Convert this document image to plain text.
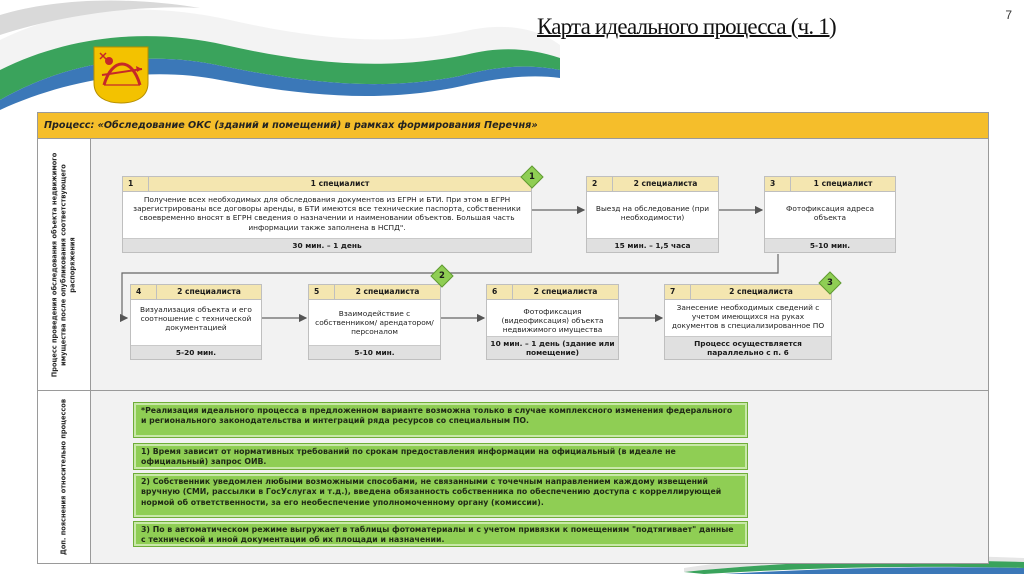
Карта идеального процесса (ч. 1)	7
Процесс: «Обследование ОКС (зданий и помещений) в рамках формирования Перечня»
Процесс проведения обследования объекта недвижимого имущества после опубликования соответствующего распоряжения
Доп. пояснения относительно процессов
1	1 специалист
Получение всех необходимых для обследования документов из ЕГРН и БТИ. При этом в ЕГРН зарегистрированы все договоры аренды, в БТИ имеются все технические паспорта, собственники своевременно вносят в ЕГРН сведения о назначении и наименовании объектов. Большая часть информации также заполнена в НСПД".
30 мин. – 1 день
2	2 специалиста
Выезд на обследование (при необходимости)
15 мин. – 1,5 часа
3	1 специалист
Фотофиксация адреса объекта
5-10 мин.
4	2 специалиста
Визуализация объекта и его соотношение с технической документацией
5-20 мин.
5	2 специалиста
Взаимодействие с собственником/ арендатором/персоналом
5-10 мин.
6	2 специалиста
Фотофиксация (видеофиксация) объекта недвижимого имущества
10 мин. – 1 день (здание или помещение)
7	2 специалиста
Занесение необходимых сведений с учетом имеющихся на руках документов в специализированное ПО
Процесс осуществляется параллельно с п. 6
1
2
3
*Реализация идеального процесса в предложенном варианте возможна только в случае комплексного изменения федерального и регионального законодательства и интеграций ряда ресурсов со специальным ПО.
1) Время зависит от нормативных требований по срокам предоставления информации на официальный (в идеале не официальный) запрос ОИВ.
2) Собственник уведомлен любыми возможными способами, не связанными с точечным направлением каждому извещений вручную (СМИ, рассылки в ГосУслугах и т.д.), введена обязанность собственника по обеспечению доступа с корреллирующей нормой об ответственности, за его необеспечение уполномоченному органу (комиссии).
3) По в автоматическом режиме выгружает в таблицы фотоматериалы и с учетом привязки к помещениям "подтягивает" данные с технической и иной документации об их площади и назначении.
